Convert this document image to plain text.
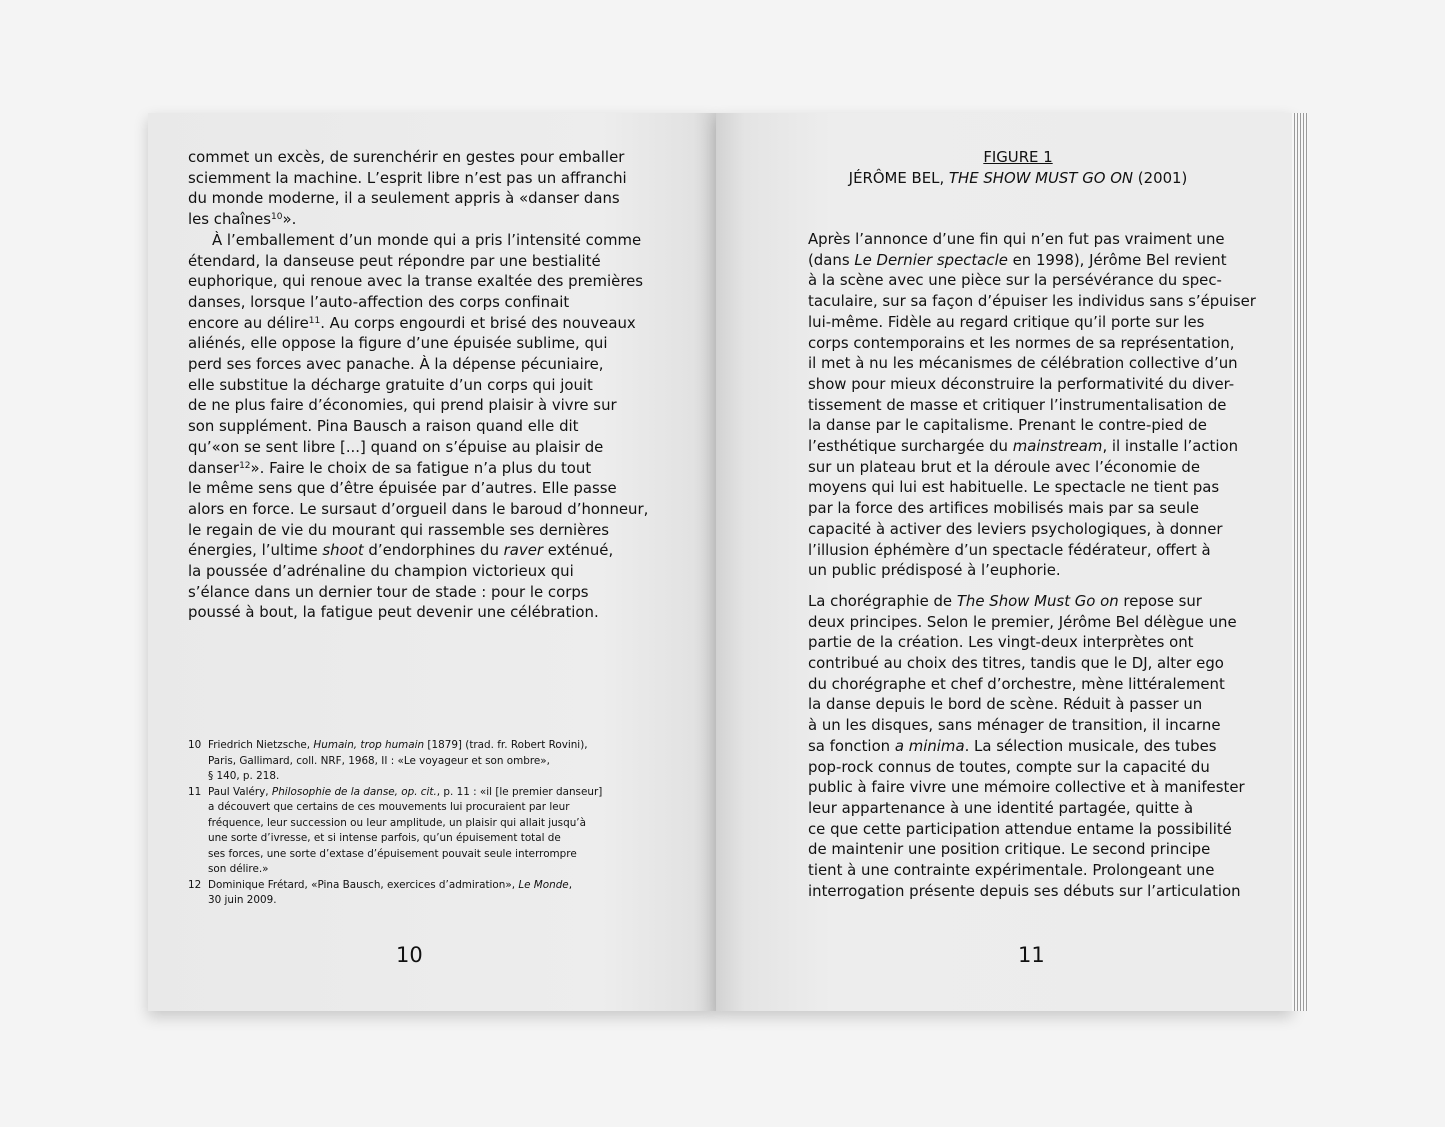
commet un excès, de surenchérir en gestes pour emballer
sciemment la machine. L’esprit libre n’est pas un affranchi
du monde moderne, il a seulement appris à «danser dans
les chaînes$^{10}$».
À l’emballement d’un monde qui a pris l’intensité comme
étendard, la danseuse peut répondre par une bestialité
euphorique, qui renoue avec la transe exaltée des premières
danses, lorsque l’auto-affection des corps confinait
encore au délire$^{11}$. Au corps engourdi et brisé des nouveaux
aliénés, elle oppose la figure d’une épuisée sublime, qui
perd ses forces avec panache. À la dépense pécuniaire,
elle substitue la décharge gratuite d’un corps qui jouit
de ne plus faire d’économies, qui prend plaisir à vivre sur
son supplément. Pina Bausch a raison quand elle dit
qu’«on se sent libre [...] quand on s’épuise au plaisir de
danser$^{12}$». Faire le choix de sa fatigue n’a plus du tout
le même sens que d’être épuisée par d’autres. Elle passe
alors en force. Le sursaut d’orgueil dans le baroud d’honneur,
le regain de vie du mourant qui rassemble ses dernières
énergies, l’ultime shoot d’endorphines du raver exténué,
la poussée d’adrénaline du champion victorieux qui
s’élance dans un dernier tour de stade : pour le corps
poussé à bout, la fatigue peut devenir une célébration.
10 Friedrich Nietzsche, Humain, trop humain [1879] (trad. fr. Robert Rovini),
Paris, Gallimard, coll. NRF, 1968, II : «Le voyageur et son ombre»,
§ 140, p. 218.
11 Paul Valéry, Philosophie de la danse, op. cit., p. 11 : «il [le premier danseur]
a découvert que certains de ces mouvements lui procuraient par leur
fréquence, leur succession ou leur amplitude, un plaisir qui allait jusqu’à
une sorte d’ivresse, et si intense parfois, qu’un épuisement total de
ses forces, une sorte d’extase d’épuisement pouvait seule interrompre
son délire.»
12 Dominique Frétard, «Pina Bausch, exercices d’admiration», Le Monde,
30 juin 2009.
10
FIGURE 1
JÉRÔME BEL, THE SHOW MUST GO ON (2001)
Après l’annonce d’une fin qui n’en fut pas vraiment une
(dans Le Dernier spectacle en 1998), Jérôme Bel revient
à la scène avec une pièce sur la persévérance du spec-
taculaire, sur sa façon d’épuiser les individus sans s’épuiser
lui-même. Fidèle au regard critique qu’il porte sur les
corps contemporains et les normes de sa représentation,
il met à nu les mécanismes de célébration collective d’un
show pour mieux déconstruire la performativité du diver-
tissement de masse et critiquer l’instrumentalisation de
la danse par le capitalisme. Prenant le contre-pied de
l’esthétique surchargée du mainstream, il installe l’action
sur un plateau brut et la déroule avec l’économie de
moyens qui lui est habituelle. Le spectacle ne tient pas
par la force des artifices mobilisés mais par sa seule
capacité à activer des leviers psychologiques, à donner
l’illusion éphémère d’un spectacle fédérateur, offert à
un public prédisposé à l’euphorie.
La chorégraphie de The Show Must Go on repose sur
deux principes. Selon le premier, Jérôme Bel délègue une
partie de la création. Les vingt-deux interprètes ont
contribué au choix des titres, tandis que le DJ, alter ego
du chorégraphe et chef d’orchestre, mène littéralement
la danse depuis le bord de scène. Réduit à passer un
à un les disques, sans ménager de transition, il incarne
sa fonction a minima. La sélection musicale, des tubes
pop-rock connus de toutes, compte sur la capacité du
public à faire vivre une mémoire collective et à manifester
leur appartenance à une identité partagée, quitte à
ce que cette participation attendue entame la possibilité
de maintenir une position critique. Le second principe
tient à une contrainte expérimentale. Prolongeant une
interrogation présente depuis ses débuts sur l’articulation
11
